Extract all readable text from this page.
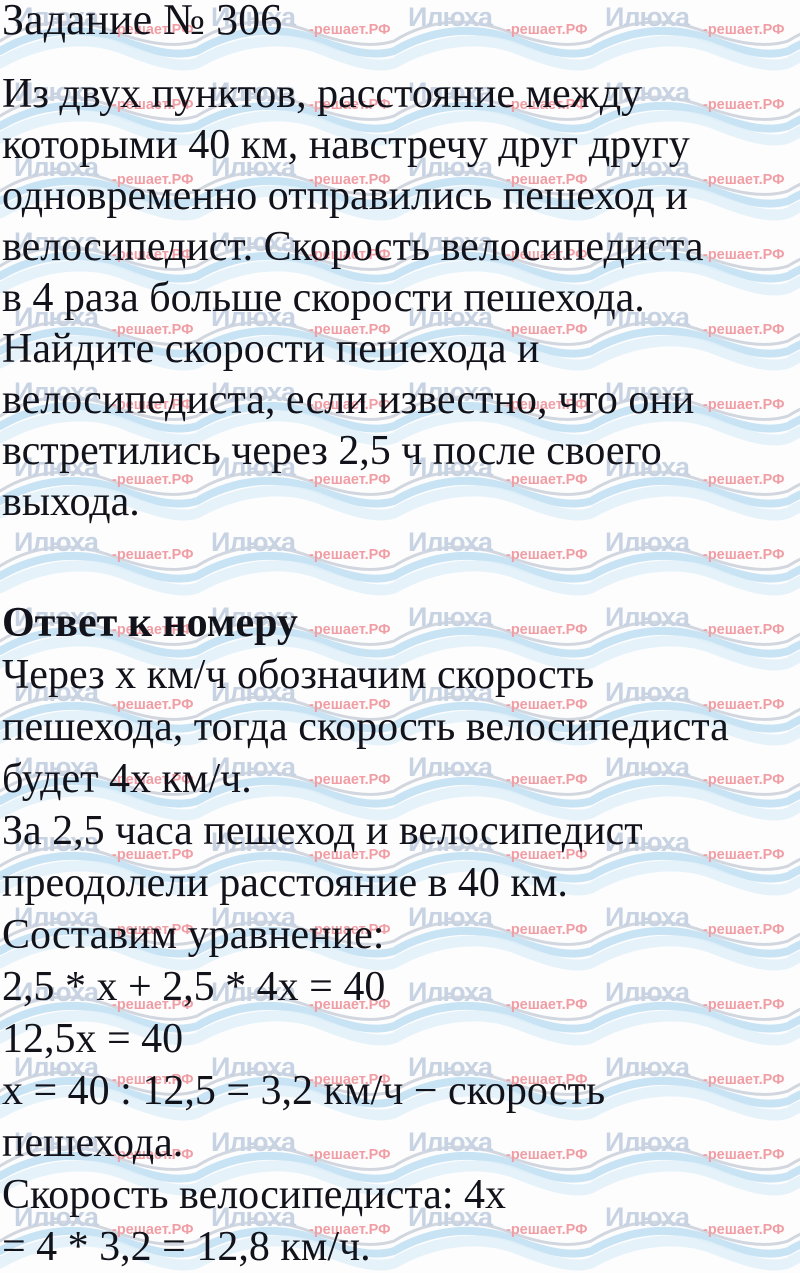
Задание № 306
Из двух пунктов, расстояние между
которыми 40 км, навстречу друг другу
одновременно отправились пешеход и
велосипедист. Скорость велосипедиста
в 4 раза больше скорости пешехода.
Найдите скорости пешехода и
велосипедиста, если известно, что они
встретились через 2,5 ч после своего
выхода.
Ответ к номеру
Через x км/ч обозначим скорость
пешехода, тогда скорость велосипедиста
будет 4x км/ч.
За 2,5 часа пешеход и велосипедист
преодолели расстояние в 40 км.
Составим уравнение:
2,5 * x + 2,5 * 4x = 40
12,5x = 40
x = 40 : 12,5 = 3,2 км/ч − скорость
пешехода.
Скорость велосипедиста: 4x
= 4 * 3,2 = 12,8 км/ч.
